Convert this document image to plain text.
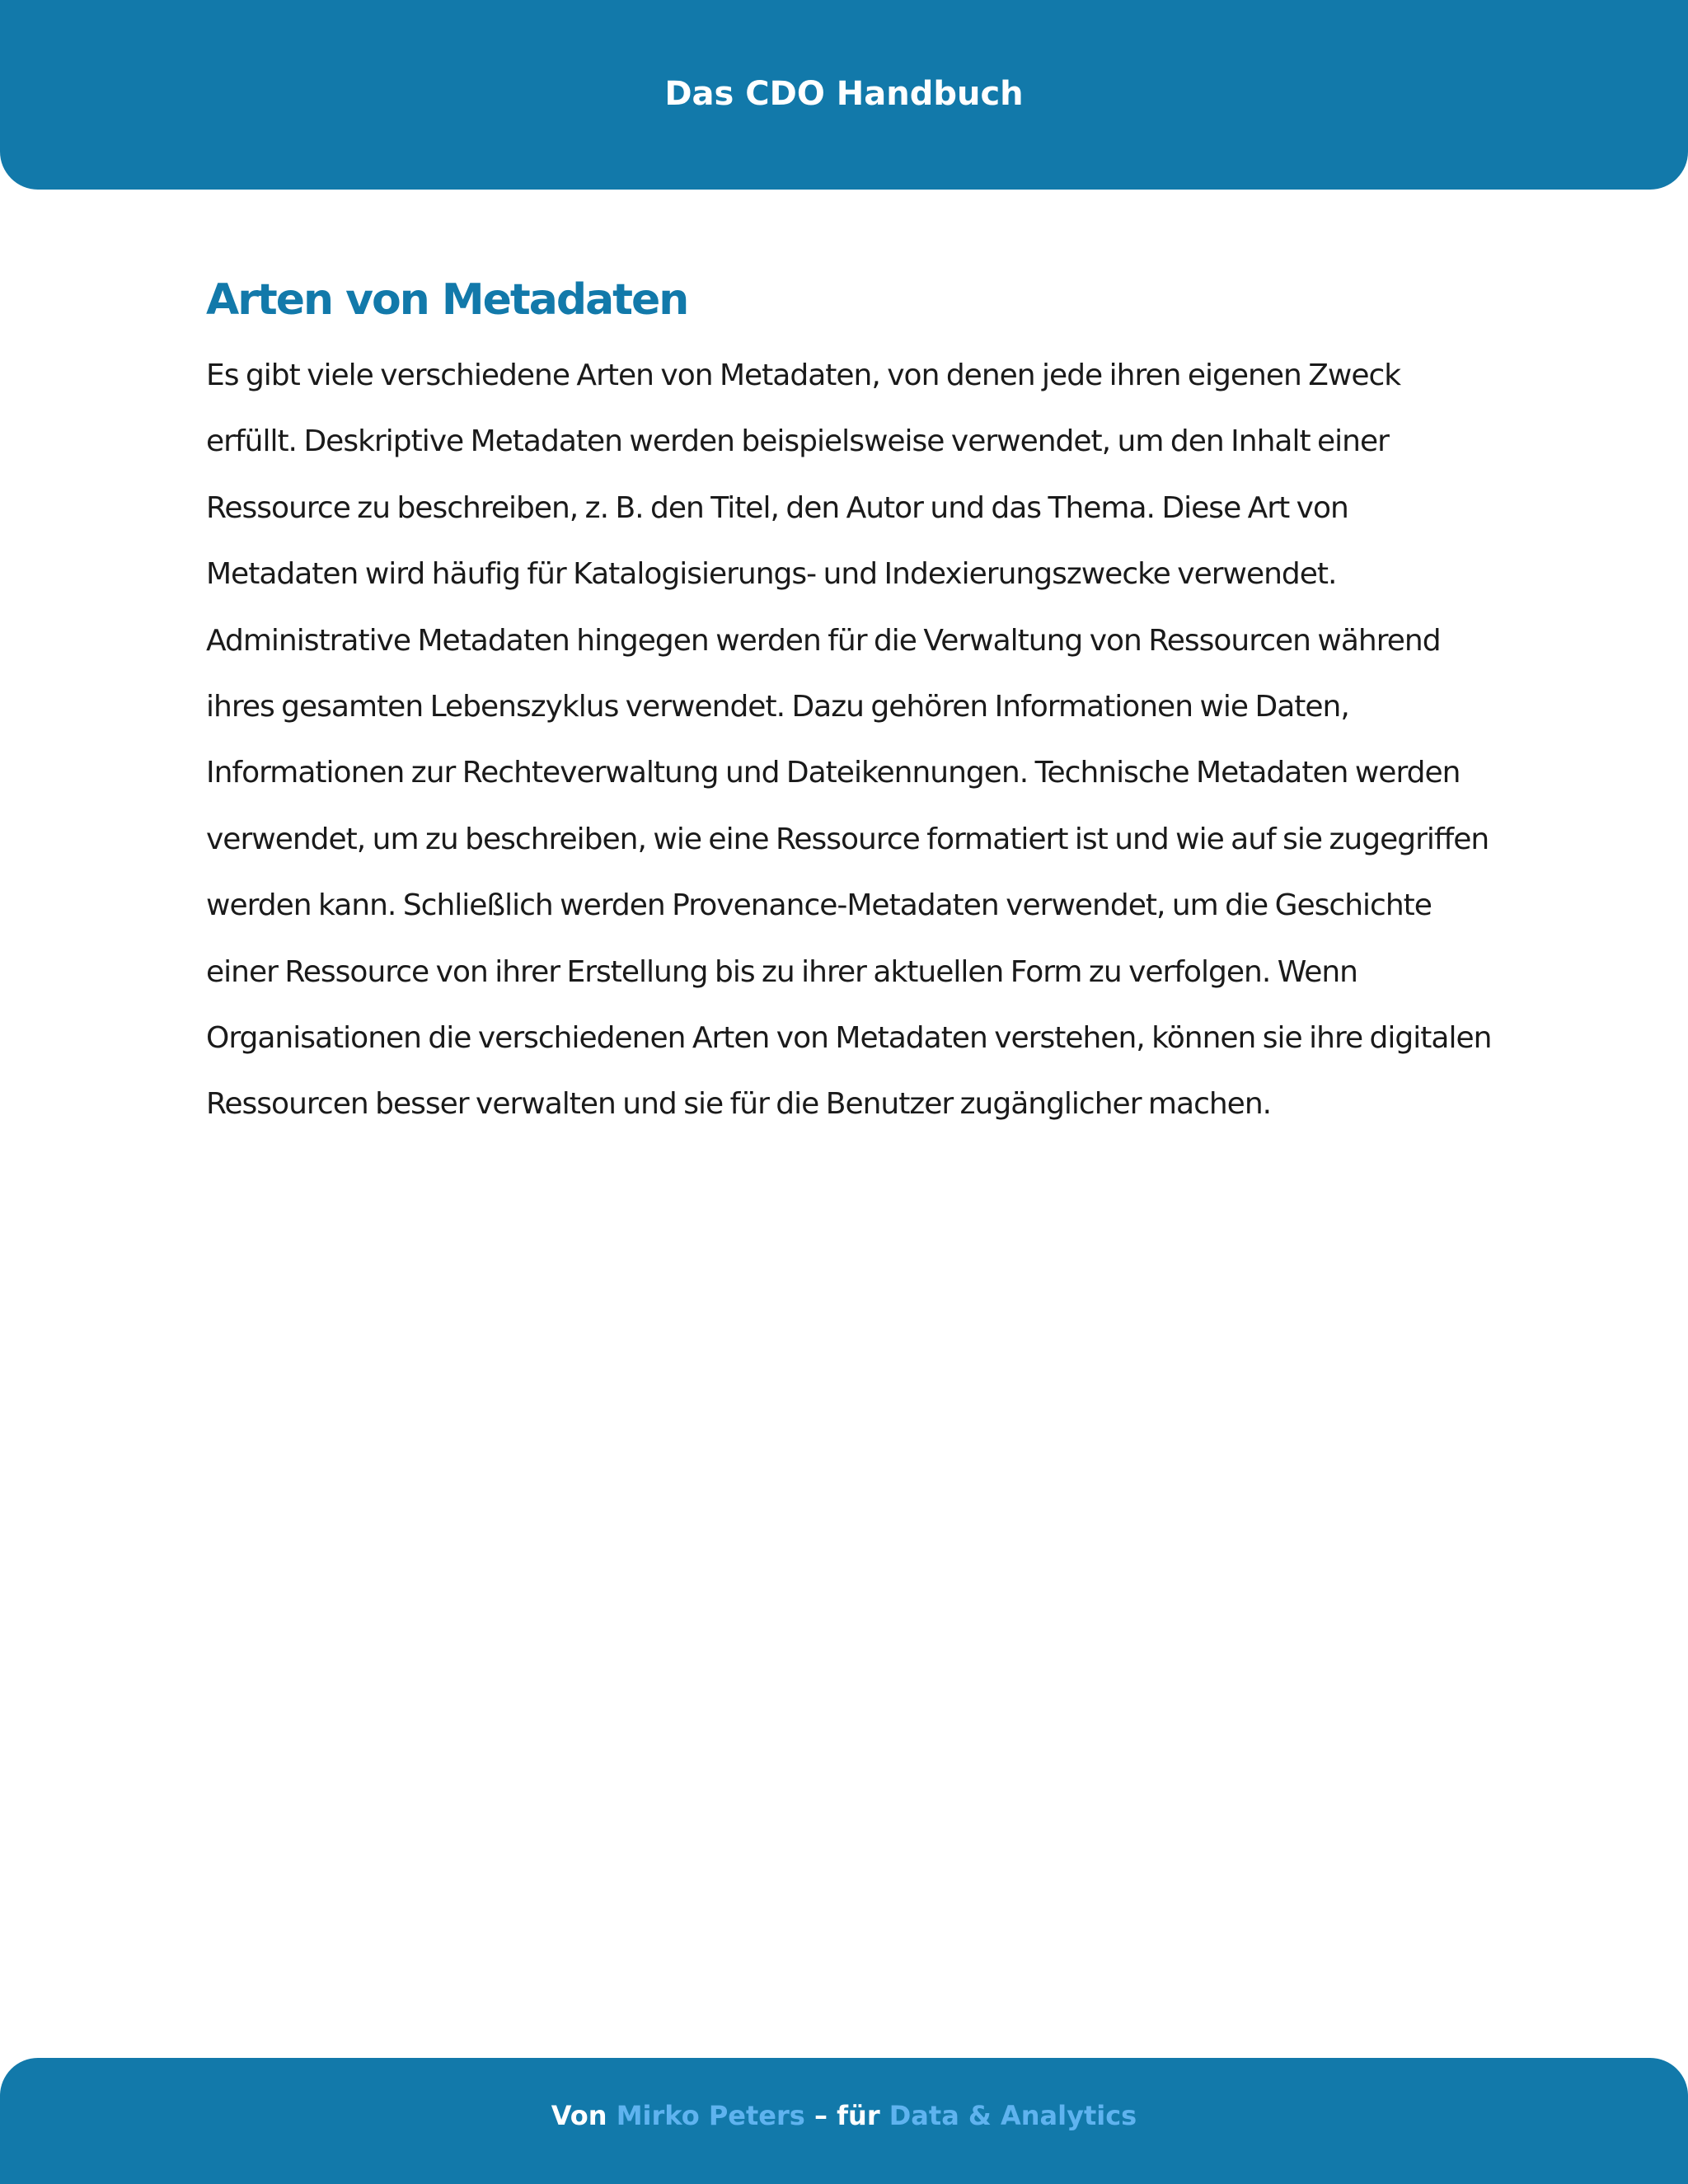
Das CDO Handbuch
Arten von Metadaten

Es gibt viele verschiedene Arten von Metadaten, von denen jede ihren eigenen Zweck erfüllt. Deskriptive Metadaten werden beispielsweise verwendet, um den Inhalt einer Ressource zu beschreiben, z. B. den Titel, den Autor und das Thema. Diese Art von Metadaten wird häufig für Katalogisierungs- und Indexierungszwecke verwendet. Administrative Metadaten hingegen werden für die Verwaltung von Ressourcen während ihres gesamten Lebenszyklus verwendet. Dazu gehören Informationen wie Daten, Informationen zur Rechteverwaltung und Dateikennungen. Technische Metadaten werden verwendet, um zu beschreiben, wie eine Ressource formatiert ist und wie auf sie zugegriffen werden kann. Schließlich werden Provenance-Metadaten verwendet, um die Geschichte einer Ressource von ihrer Erstellung bis zu ihrer aktuellen Form zu verfolgen. Wenn Organisationen die verschiedenen Arten von Metadaten verstehen, können sie ihre digitalen Ressourcen besser verwalten und sie für die Benutzer zugänglicher machen.

Von Mirko Peters – für Data & Analytics
